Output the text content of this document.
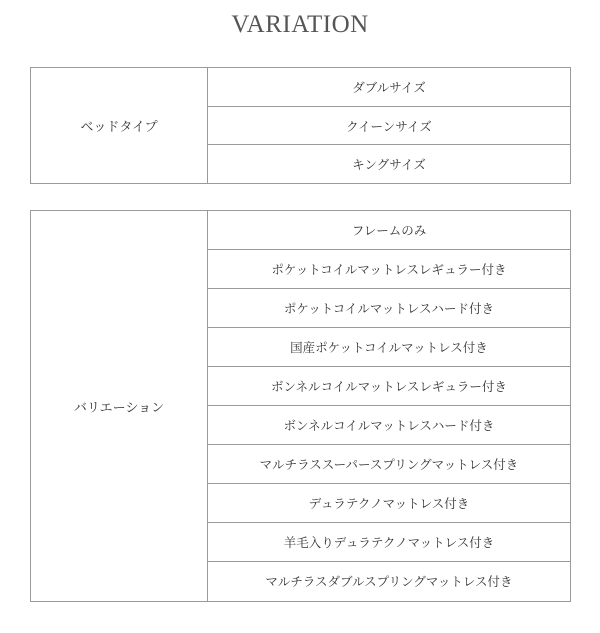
VARIATION
ベッドタイプ
ダブルサイズ
クイーンサイズ
キングサイズ
バリエーション
フレームのみ
ポケットコイルマットレスレギュラー付き
ポケットコイルマットレスハード付き
国産ポケットコイルマットレス付き
ボンネルコイルマットレスレギュラー付き
ボンネルコイルマットレスハード付き
マルチラススーパースプリングマットレス付き
デュラテクノマットレス付き
羊毛入りデュラテクノマットレス付き
マルチラスダブルスプリングマットレス付き
